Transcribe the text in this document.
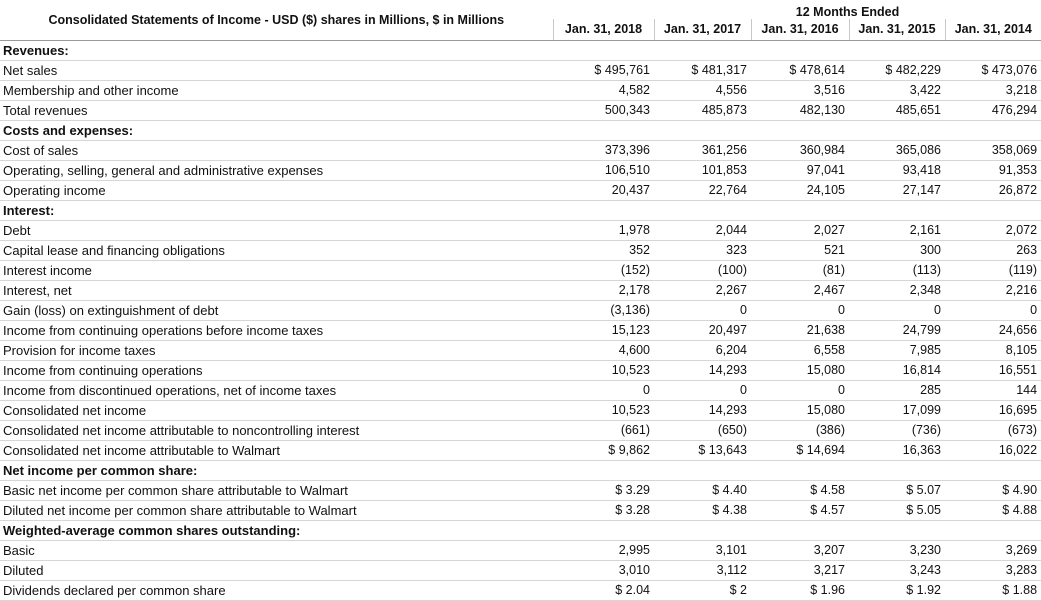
Consolidated Statements of Income - USD ($) shares in Millions, $ in Millions		12 Months Ended			
	Jan. 31, 2018	Jan. 31, 2017	Jan. 31, 2016	Jan. 31, 2015	Jan. 31, 2014
Revenues:					
Net sales	$ 495,761	$ 481,317	$ 478,614	$ 482,229	$ 473,076
Membership and other income	4,582	4,556	3,516	3,422	3,218
Total revenues	500,343	485,873	482,130	485,651	476,294
Costs and expenses:					
Cost of sales	373,396	361,256	360,984	365,086	358,069
Operating, selling, general and administrative expenses	106,510	101,853	97,041	93,418	91,353
Operating income	20,437	22,764	24,105	27,147	26,872
Interest:					
Debt	1,978	2,044	2,027	2,161	2,072
Capital lease and financing obligations	352	323	521	300	263
Interest income	(152)	(100)	(81)	(113)	(119)
Interest, net	2,178	2,267	2,467	2,348	2,216
Gain (loss) on extinguishment of debt	(3,136)	0	0	0	0
Income from continuing operations before income taxes	15,123	20,497	21,638	24,799	24,656
Provision for income taxes	4,600	6,204	6,558	7,985	8,105
Income from continuing operations	10,523	14,293	15,080	16,814	16,551
Income from discontinued operations, net of income taxes	0	0	0	285	144
Consolidated net income	10,523	14,293	15,080	17,099	16,695
Consolidated net income attributable to noncontrolling interest	(661)	(650)	(386)	(736)	(673)
Consolidated net income attributable to Walmart	$ 9,862	$ 13,643	$ 14,694	16,363	16,022
Net income per common share:					
Basic net income per common share attributable to Walmart	$ 3.29	$ 4.40	$ 4.58	$ 5.07	$ 4.90
Diluted net income per common share attributable to Walmart	$ 3.28	$ 4.38	$ 4.57	$ 5.05	$ 4.88
Weighted-average common shares outstanding:					
Basic	2,995	3,101	3,207	3,230	3,269
Diluted	3,010	3,112	3,217	3,243	3,283
Dividends declared per common share	$ 2.04	$ 2	$ 1.96	$ 1.92	$ 1.88
